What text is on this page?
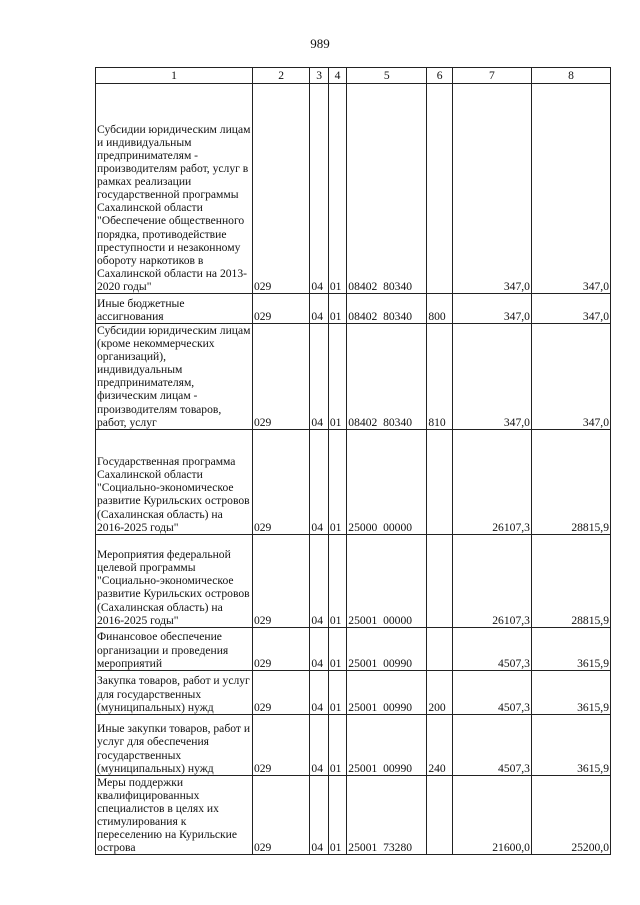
989
1	2	3	4	5	6	7	8
Субсидии юридическим лицам и индивидуальным предпринимателям - производителям работ, услуг в рамках реализации государственной программы Сахалинской области "Обеспечение общественного порядка, противодействие преступности и незаконному обороту наркотиков в Сахалинской области на 2013-2020 годы"	029	04	01	08402  80340		347,0	347,0
Иные бюджетные ассигнования	029	04	01	08402  80340	800	347,0	347,0
Субсидии юридическим лицам (кроме некоммерческих организаций), индивидуальным предпринимателям, физическим лицам - производителям товаров, работ, услуг	029	04	01	08402  80340	810	347,0	347,0
Государственная программа Сахалинской области "Социально-экономическое развитие Курильских островов (Сахалинская область) на 2016-2025 годы"	029	04	01	25000  00000		26107,3	28815,9
Мероприятия федеральной целевой программы "Социально-экономическое развитие Курильских островов (Сахалинская область) на 2016-2025 годы"	029	04	01	25001  00000		26107,3	28815,9
Финансовое обеспечение организации и проведения мероприятий	029	04	01	25001  00990		4507,3	3615,9
Закупка товаров, работ и услуг для государственных (муниципальных) нужд	029	04	01	25001  00990	200	4507,3	3615,9
Иные закупки товаров, работ и услуг для обеспечения государственных (муниципальных) нужд	029	04	01	25001  00990	240	4507,3	3615,9
Меры поддержки квалифицированных специалистов в целях их стимулирования к переселению на Курильские острова	029	04	01	25001  73280		21600,0	25200,0
